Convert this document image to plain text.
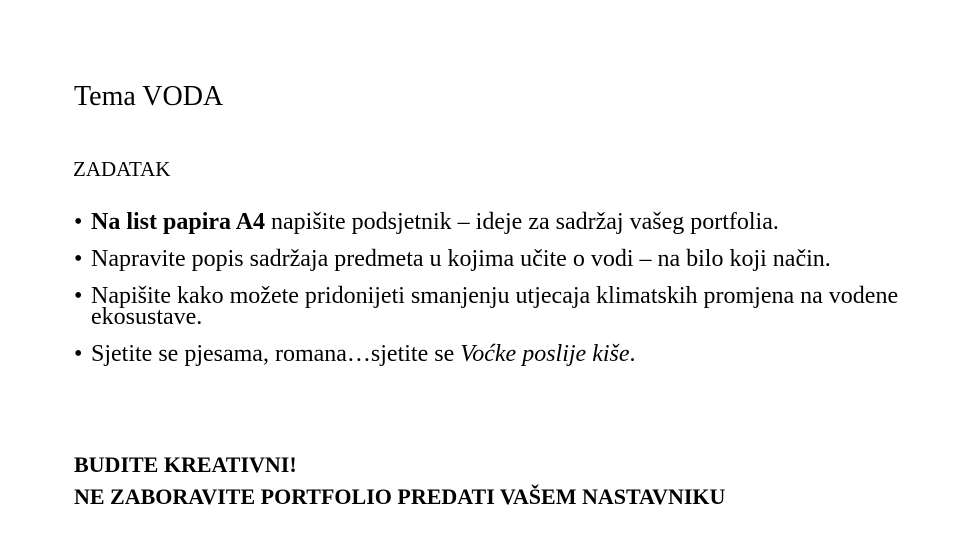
Tema VODA
ZADATAK
• Na list papira A4 napišite podsjetnik – ideje za sadržaj vašeg portfolia.
• Napravite popis sadržaja predmeta u kojima učite o vodi – na bilo koji način.
• Napišite kako možete pridonijeti smanjenju utjecaja klimatskih promjena na vodene ekosustave.
• Sjetite se pjesama, romana…sjetite se Voćke poslije kiše.
BUDITE KREATIVNI!
NE ZABORAVITE PORTFOLIO PREDATI VAŠEM NASTAVNIKU
